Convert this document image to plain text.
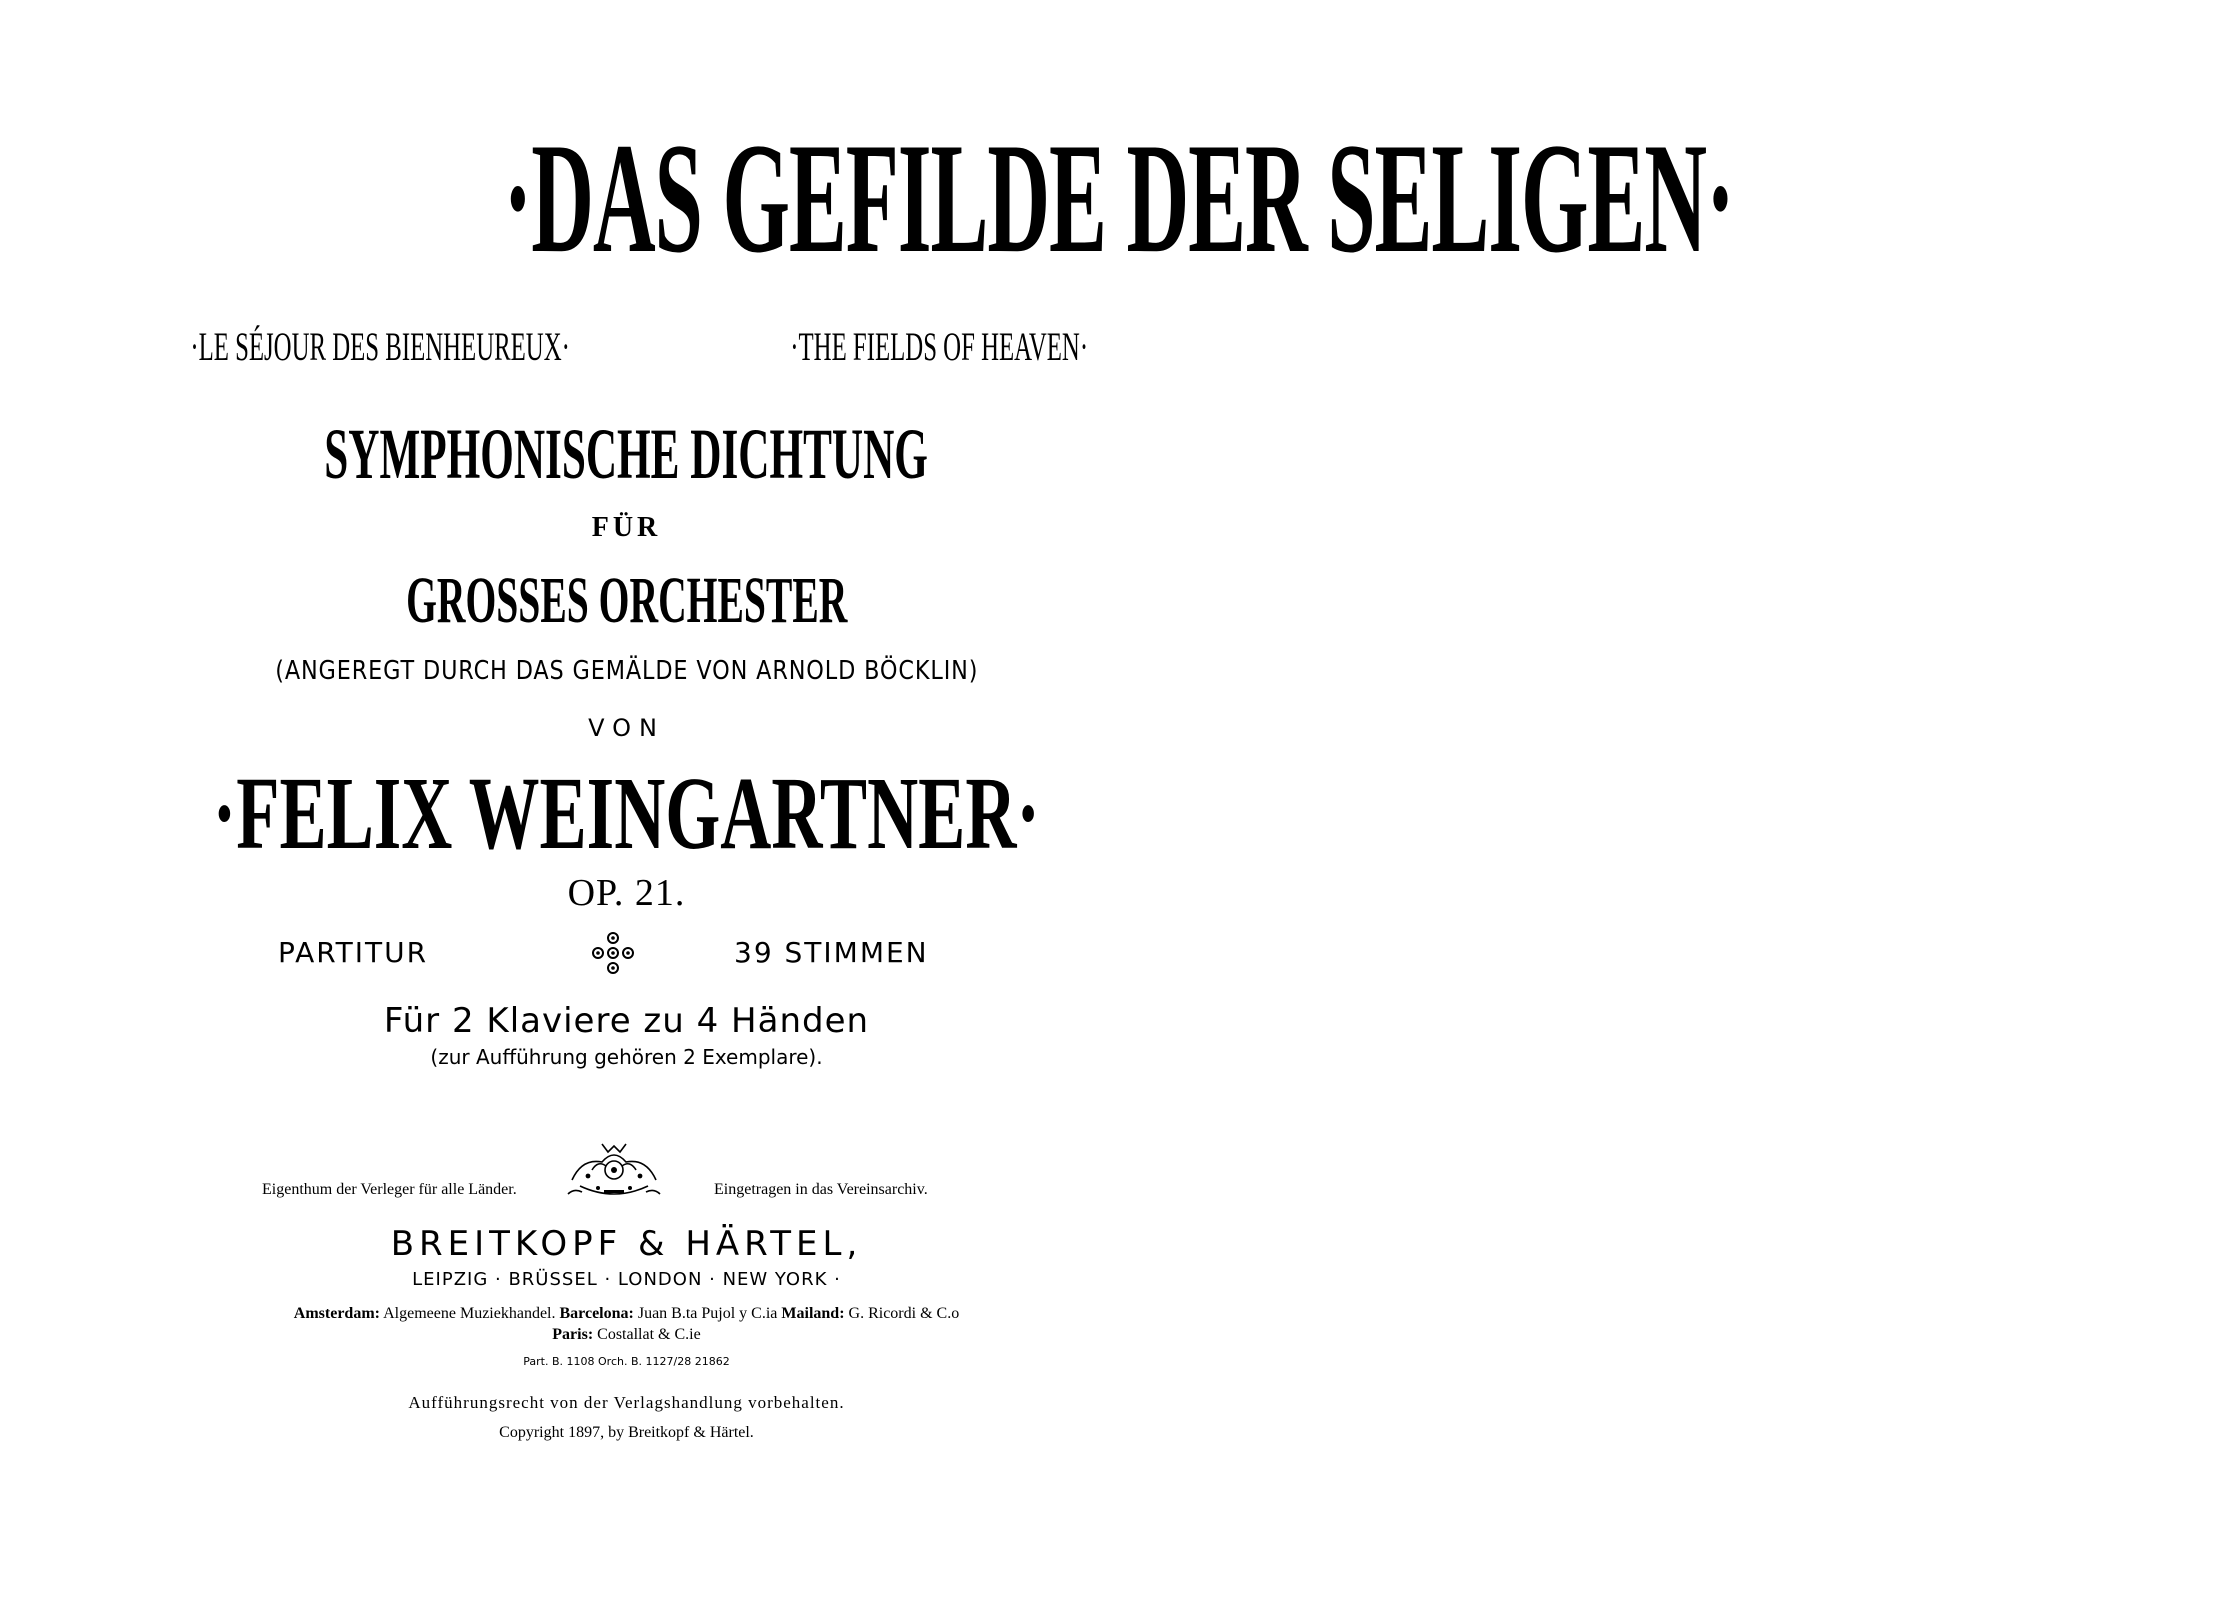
·DAS GEFILDE DER SELIGEN·
·LE SÉJOUR DES BIENHEUREUX·	·THE FIELDS OF HEAVEN·
SYMPHONISCHE DICHTUNG
FÜR
GROSSES ORCHESTER
(ANGEREGT DURCH DAS GEMÄLDE VON ARNOLD BÖCKLIN)
VON
·FELIX WEINGARTNER·
OP. 21.
PARTITUR	39 STIMMEN
Für 2 Klaviere zu 4 Händen
(zur Aufführung gehören 2 Exemplare).
Eigenthum der Verleger für alle Länder.	Eingetragen in das Vereinsarchiv.
BREITKOPF & HÄRTEL,
LEIPZIG · BRÜSSEL · LONDON · NEW YORK ·
Amsterdam: Algemeene Muziekhandel. Barcelona: Juan B.ta Pujol y C.ia Mailand: G. Ricordi & C.o
Paris: Costallat & C.ie
Part. B. 1108 Orch. B. 1127/28 21862
Aufführungsrecht von der Verlagshandlung vorbehalten.
Copyright 1897, by Breitkopf & Härtel.
